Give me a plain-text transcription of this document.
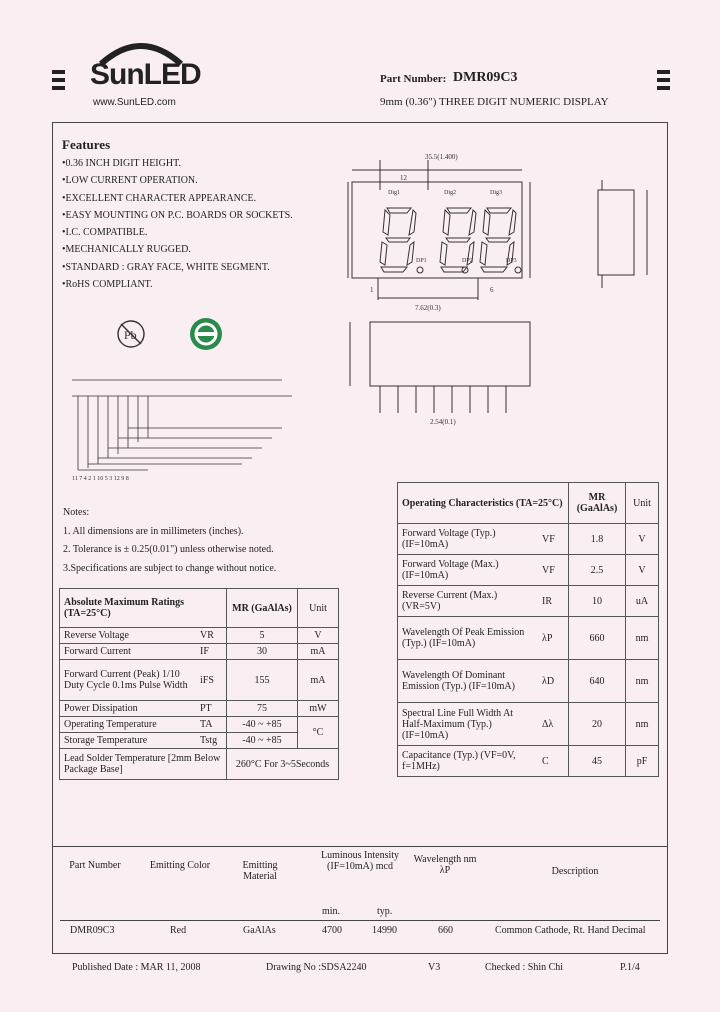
SunLED
www.SunLED.com
Part Number: DMR09C3
9mm (0.36") THREE DIGIT NUMERIC DISPLAY
Features
•0.36 INCH DIGIT HEIGHT.
•LOW CURRENT OPERATION.
•EXCELLENT CHARACTER APPEARANCE.
•EASY MOUNTING ON P.C. BOARDS OR SOCKETS.
•I.C. COMPATIBLE.
•MECHANICALLY RUGGED.
•STANDARD : GRAY FACE, WHITE SEGMENT.
•RoHS COMPLIANT.
Pb
35.5(1.400)
12
Dig1	Dig2	Dig3
DP1	DP2	DP3
1	6
7.62(0.3)
2.54(0.1)
11 7 4 2 1 10 5 3 12 9 8
Notes:
1. All dimensions are in millimeters (inches).
2. Tolerance is ± 0.25(0.01") unless otherwise noted.
3.Specifications are subject to change without notice.
Absolute Maximum Ratings (TA=25°C)		MR (GaAlAs)	Unit
Reverse Voltage	VR	5	V
Forward Current	IF	30	mA
Forward Current (Peak) 1/10 Duty Cycle 0.1ms Pulse Width	iFS	155	mA
Power Dissipation	PT	75	mW
Operating Temperature	TA	-40 ~ +85	°C
Storage Temperature	Tstg	-40 ~ +85	
Lead Solder Temperature [2mm Below Package Base]		260°C For 3~5Seconds	
Operating Characteristics (TA=25°C)		MR (GaAlAs)	Unit
Forward Voltage (Typ.) (IF=10mA)	VF	1.8	V
Forward Voltage (Max.) (IF=10mA)	VF	2.5	V
Reverse Current (Max.) (VR=5V)	IR	10	uA
Wavelength Of Peak Emission (Typ.) (IF=10mA)	λP	660	nm
Wavelength Of Dominant Emission (Typ.) (IF=10mA)	λD	640	nm
Spectral Line Full Width At Half-Maximum (Typ.) (IF=10mA)	Δλ	20	nm
Capacitance (Typ.) (VF=0V, f=1MHz)	C	45	pF
Part Number	Emitting Color	Emitting Material
Luminous Intensity (IF=10mA) mcd
Wavelength nm λP	Description
min.	typ.
DMR09C3	Red	GaAlAs	4700	14990	660	Common Cathode, Rt. Hand Decimal
Published Date : MAR 11, 2008	Drawing No :SDSA2240	V3	Checked : Shin Chi	P.1/4
